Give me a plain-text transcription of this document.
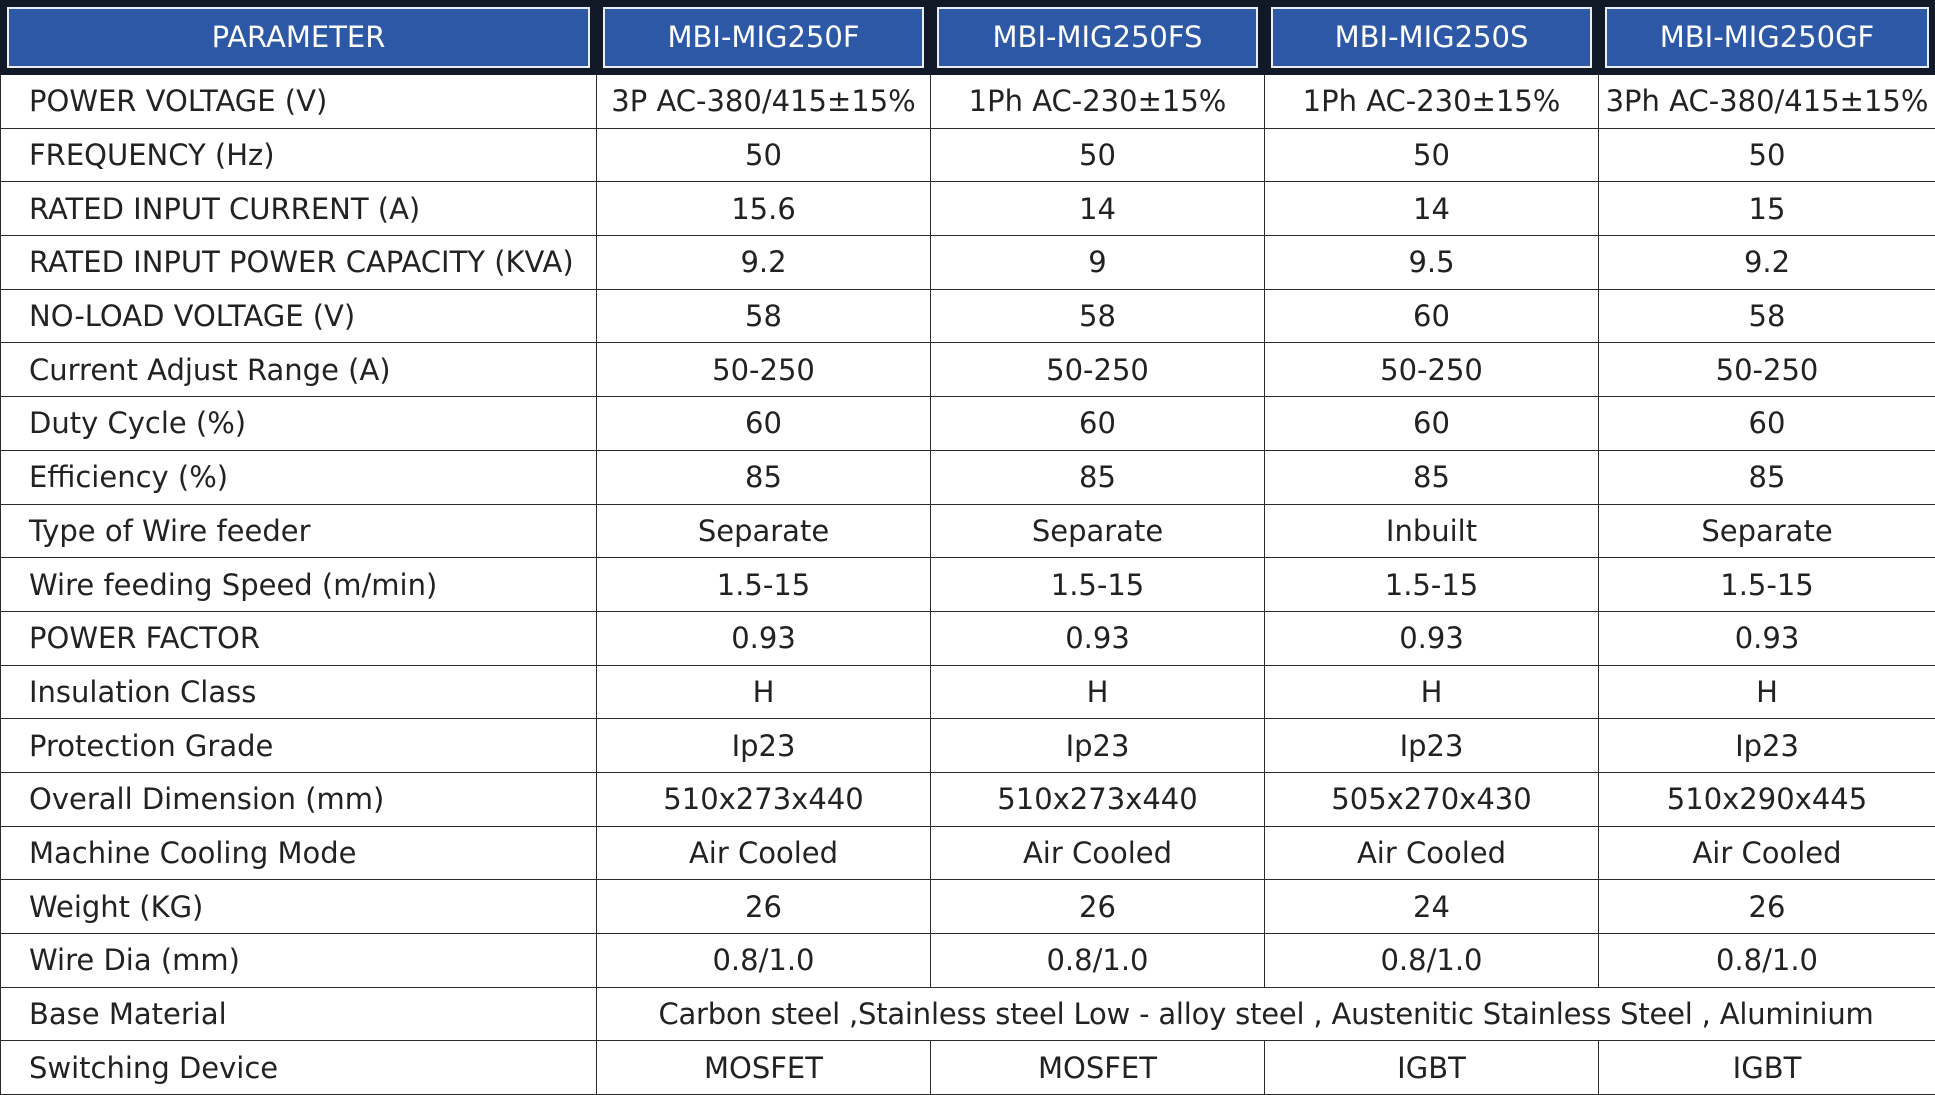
PARAMETER	MBI-MIG250F	MBI-MIG250FS	MBI-MIG250S	MBI-MIG250GF

POWER VOLTAGE (V)	3P AC-380/415±15%	1Ph AC-230±15%	1Ph AC-230±15%	3Ph AC-380/415±15%
FREQUENCY (Hz)	50	50	50	50
RATED INPUT CURRENT (A)	15.6	14	14	15
RATED INPUT POWER CAPACITY (KVA)	9.2	9	9.5	9.2
NO-LOAD VOLTAGE (V)	58	58	60	58
Current Adjust Range (A)	50-250	50-250	50-250	50-250
Duty Cycle (%)	60	60	60	60
Efficiency (%)	85	85	85	85
Type of Wire feeder	Separate	Separate	Inbuilt	Separate
Wire feeding Speed (m/min)	1.5-15	1.5-15	1.5-15	1.5-15
POWER FACTOR	0.93	0.93	0.93	0.93
Insulation Class	H	H	H	H
Protection Grade	Ip23	Ip23	Ip23	Ip23
Overall Dimension (mm)	510x273x440	510x273x440	505x270x430	510x290x445
Machine Cooling Mode	Air Cooled	Air Cooled	Air Cooled	Air Cooled
Weight (KG)	26	26	24	26
Wire Dia (mm)	0.8/1.0	0.8/1.0	0.8/1.0	0.8/1.0
Base Material	Carbon steel ,Stainless steel Low - alloy steel , Austenitic Stainless Steel , Aluminium			
Switching Device	MOSFET	MOSFET	IGBT	IGBT
